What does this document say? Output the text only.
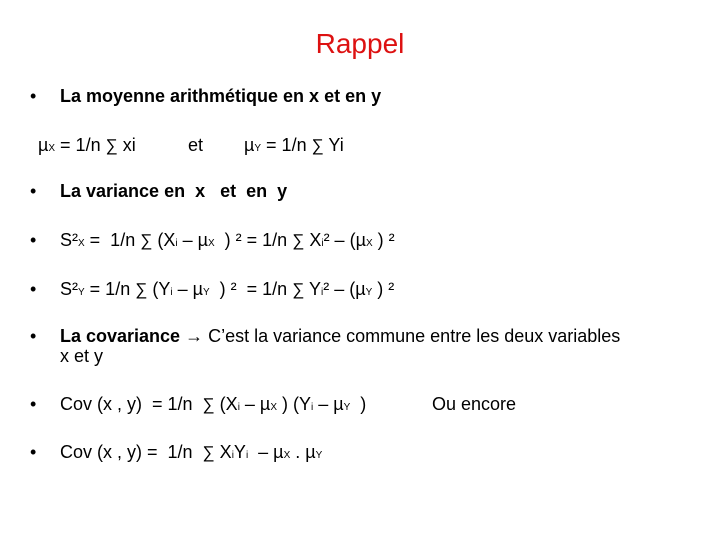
Rappel
• La moyenne arithmétique en x et en y
µX = 1/n ∑ xi	et µY = 1/n ∑ Yi
• La variance en  x   et  en  y
• S²X =  1/n ∑ (Xi – µX  ) ² = 1/n ∑ Xi² – (µX ) ²
• S²Y = 1/n ∑ (Yi – µY  ) ²  = 1/n ∑ Yi² – (µY ) ²
• La covariance → C’est la variance commune entre les deux variables
x et y
• Cov (x , y)  = 1/n  ∑ (Xi – µX ) (Yi – µY  )	Ou encore
• Cov (x , y) =  1/n  ∑ XiYi  – µX . µY
